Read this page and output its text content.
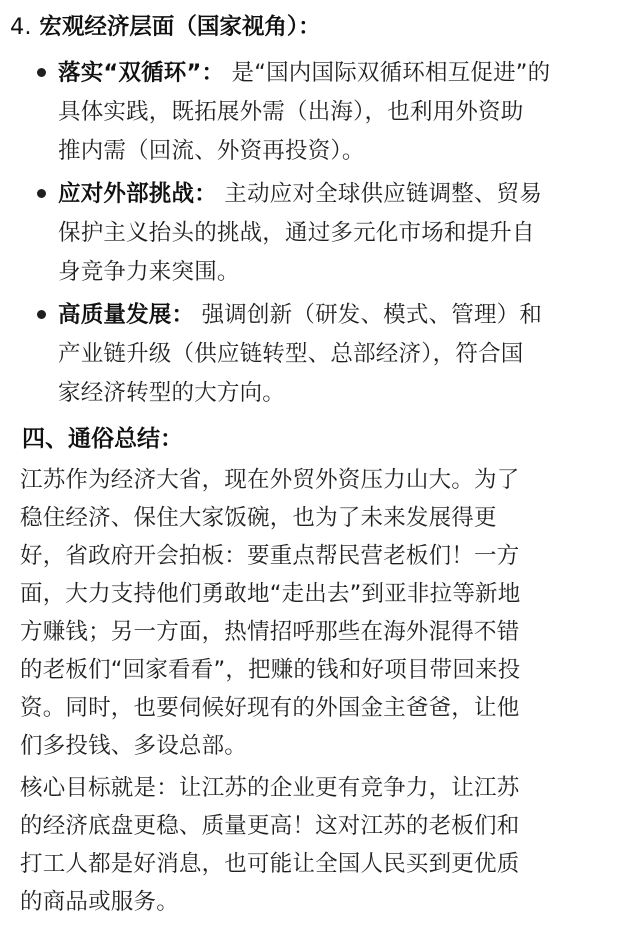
4. 宏观经济层面（国家视角）：
落实“双循环”： 是“国内国际双循环相互促进”的
具体实践，既拓展外需（出海），也利用外资助
推内需（回流、外资再投资）。
应对外部挑战： 主动应对全球供应链调整、贸易
保护主义抬头的挑战，通过多元化市场和提升自
身竞争力来突围。
高质量发展： 强调创新（研发、模式、管理）和
产业链升级（供应链转型、总部经济），符合国
家经济转型的大方向。
四、通俗总结：
江苏作为经济大省，现在外贸外资压力山大。为了
稳住经济、保住大家饭碗，也为了未来发展得更
好，省政府开会拍板：要重点帮民营老板们！一方
面，大力支持他们勇敢地“走出去”到亚非拉等新地
方赚钱；另一方面，热情招呼那些在海外混得不错
的老板们“回家看看”，把赚的钱和好项目带回来投
资。同时，也要伺候好现有的外国金主爸爸，让他
们多投钱、多设总部。
核心目标就是：让江苏的企业更有竞争力，让江苏
的经济底盘更稳、质量更高！这对江苏的老板们和
打工人都是好消息，也可能让全国人民买到更优质
的商品或服务。
